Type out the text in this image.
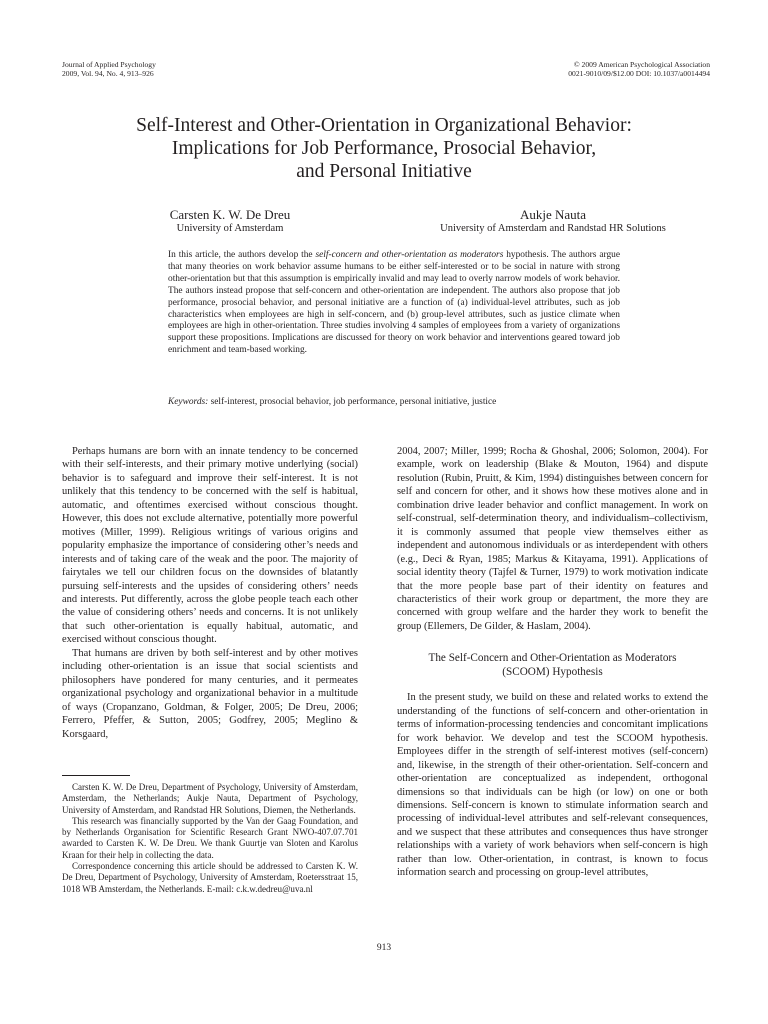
Journal of Applied Psychology
2009, Vol. 94, No. 4, 913–926
© 2009 American Psychological Association
0021-9010/09/$12.00 DOI: 10.1037/a0014494
Self-Interest and Other-Orientation in Organizational Behavior:
Implications for Job Performance, Prosocial Behavior,
and Personal Initiative
Carsten K. W. De Dreu
University of Amsterdam
Aukje Nauta
University of Amsterdam and Randstad HR Solutions

In this article, the authors develop the self-concern and other-orientation as moderators hypothesis. The authors argue that many theories on work behavior assume humans to be either self-interested or to be social in nature with strong other-orientation but that this assumption is empirically invalid and may lead to overly narrow models of work behavior. The authors instead propose that self-concern and other-orientation are independent. The authors also propose that job performance, prosocial behavior, and personal initiative are a function of (a) individual-level attributes, such as job characteristics when employees are high in self-concern, and (b) group-level attributes, such as justice climate when employees are high in other-orientation. Three studies involving 4 samples of employees from a variety of organizations support these propositions. Implications are discussed for theory on work behavior and interventions geared toward job enrichment and team-based working.

Keywords: self-interest, prosocial behavior, job performance, personal initiative, justice

Perhaps humans are born with an innate tendency to be concerned with their self-interests, and their primary motive underlying (social) behavior is to safeguard and improve their self-interest. It is not unlikely that this tendency to be concerned with the self is habitual, automatic, and oftentimes exercised without conscious thought. However, this does not exclude alternative, potentially more powerful motives (Miller, 1999). Religious writings of various origins and popularity emphasize the importance of considering other’s needs and interests and of taking care of the weak and the poor. The majority of fairytales we tell our children focus on the downsides of blatantly pursuing self-interests and the upsides of considering others’ needs and interests. Put differently, across the globe people teach each other the value of considering others’ needs and concerns. It is not unlikely that such other-orientation is equally habitual, automatic, and exercised without conscious thought.

That humans are driven by both self-interest and by other motives including other-orientation is an issue that social scientists and philosophers have pondered for many centuries, and it permeates organizational psychology and organizational behavior in a multitude of ways (Cropanzano, Goldman, & Folger, 2005; De Dreu, 2006; Ferrero, Pfeffer, & Sutton, 2005; Godfrey, 2005; Meglino & Korsgaard,

Carsten K. W. De Dreu, Department of Psychology, University of Amsterdam, Amsterdam, the Netherlands; Aukje Nauta, Department of Psychology, University of Amsterdam, and Randstad HR Solutions, Diemen, the Netherlands.

This research was financially supported by the Van der Gaag Foundation, and by Netherlands Organisation for Scientific Research Grant NWO-407.07.701 awarded to Carsten K. W. De Dreu. We thank Guurtje van Sloten and Karolus Kraan for their help in collecting the data.

Correspondence concerning this article should be addressed to Carsten K. W. De Dreu, Department of Psychology, University of Amsterdam, Roetersstraat 15, 1018 WB Amsterdam, the Netherlands. E-mail: c.k.w.dedreu@uva.nl

2004, 2007; Miller, 1999; Rocha & Ghoshal, 2006; Solomon, 2004). For example, work on leadership (Blake & Mouton, 1964) and dispute resolution (Rubin, Pruitt, & Kim, 1994) distinguishes between concern for self and concern for other, and it shows how these motives alone and in combination drive leader behavior and conflict management. In work on self-construal, self-determination theory, and individualism–collectivism, it is commonly assumed that people view themselves either as independent and autonomous individuals or as interdependent with others (e.g., Deci & Ryan, 1985; Markus & Kitayama, 1991). Applications of social identity theory (Tajfel & Turner, 1979) to work motivation indicate that the more people base part of their identity on features and characteristics of their work group or department, the more they are concerned with group welfare and the harder they work to benefit the group (Ellemers, De Gilder, & Haslam, 2004).

The Self-Concern and Other-Orientation as Moderators
(SCOOM) Hypothesis

In the present study, we build on these and related works to extend the understanding of the functions of self-concern and other-orientation in terms of information-processing tendencies and concomitant implications for work behavior. We develop and test the SCOOM hypothesis. Employees differ in the strength of self-interest motives (self-concern) and, likewise, in the strength of their other-orientation. Self-concern and other-orientation are conceptualized as independent, orthogonal dimensions so that individuals can be high (or low) on one or both dimensions. Self-concern is known to stimulate information search and processing of individual-level attributes and self-relevant consequences, and we suspect that these attributes and consequences thus have stronger relationships with a variety of work behaviors when self-concern is high rather than low. Other-orientation, in contrast, is known to focus information search and processing on group-level attributes,

913
